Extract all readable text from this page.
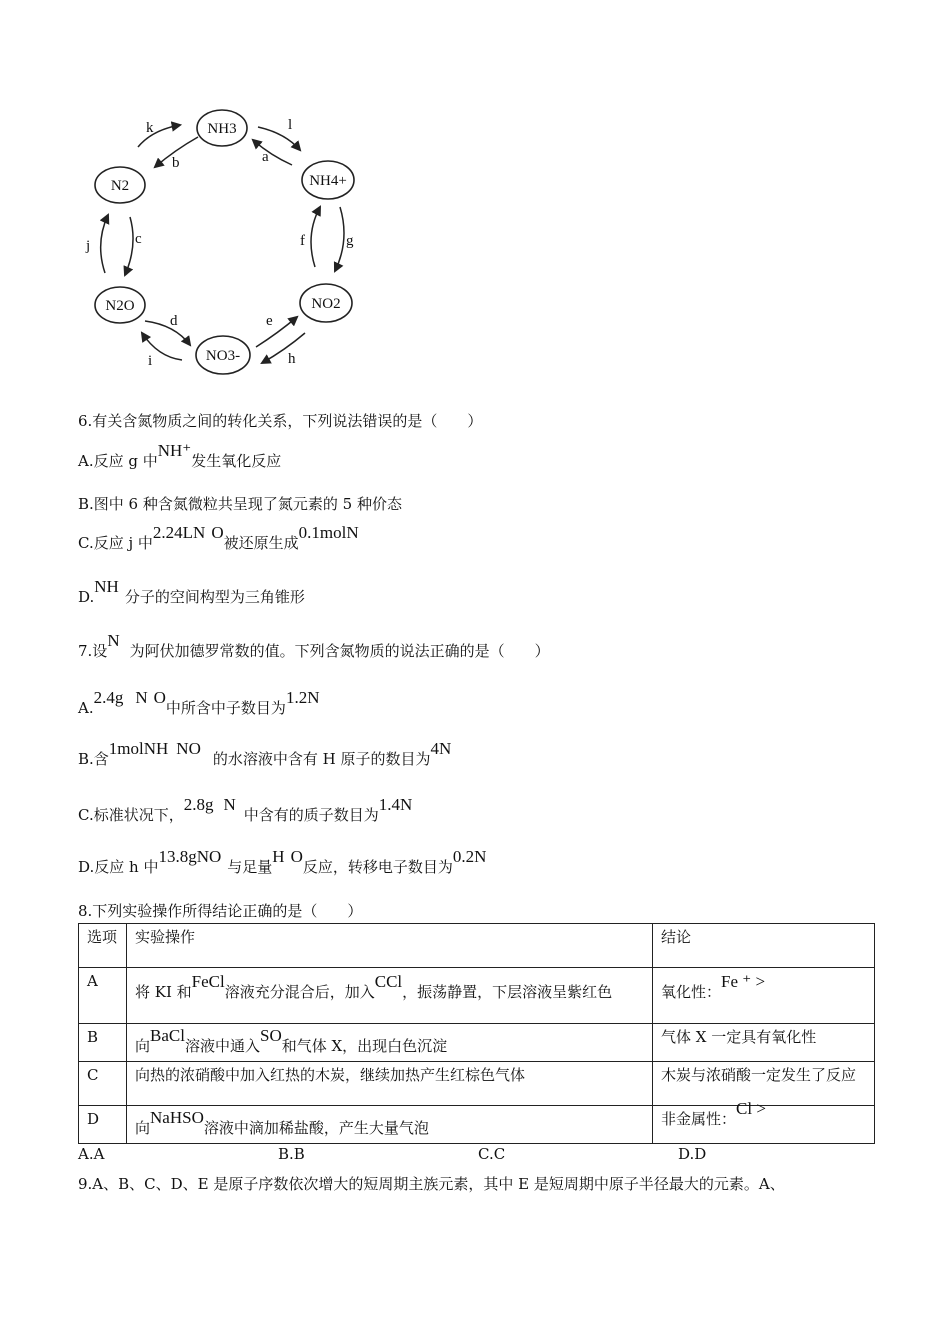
NH3
NH4+
NO2
NO3-
N2O
N2
k
b
l
a
f	g
e
h
d
i
j	c
6.有关含氮物质之间的转化关系，下列说法错误的是（　　）
A.反应 g 中NH⁺发生氧化反应
B.图中 6 种含氮微粒共呈现了氮元素的 5 种价态
C.反应 j 中2.24LN O被还原生成0.1molN
D.NH分子的空间构型为三角锥形
7.设N为阿伏加德罗常数的值。下列含氮物质的说法正确的是（　　）
A.2.4g N O中所含中子数目为1.2N
B.含1molNH NO的水溶液中含有 H 原子的数目为4N
C.标准状况下，2.8g N中含有的质子数目为1.4N
D.反应 h 中13.8gNO与足量H O反应，转移电子数目为0.2N
8.下列实验操作所得结论正确的是（　　）
选项	实验操作	结论
A	将 KI 和FeCl溶液充分混合后，加入CCl，振荡静置，下层溶液呈紫红色	氧化性：Fe ⁺ >
B	向BaCl溶液中通入SO和气体 X，出现白色沉淀	气体 X 一定具有氧化性
C	向热的浓硝酸中加入红热的木炭，继续加热产生红棕色气体	木炭与浓硝酸一定发生了反应
D	向NaHSO溶液中滴加稀盐酸，产生大量气泡	非金属性：Cl >
A.A	B.B	C.C	D.D
9.A、B、C、D、E 是原子序数依次增大的短周期主族元素，其中 E 是短周期中原子半径最大的元素。A、
